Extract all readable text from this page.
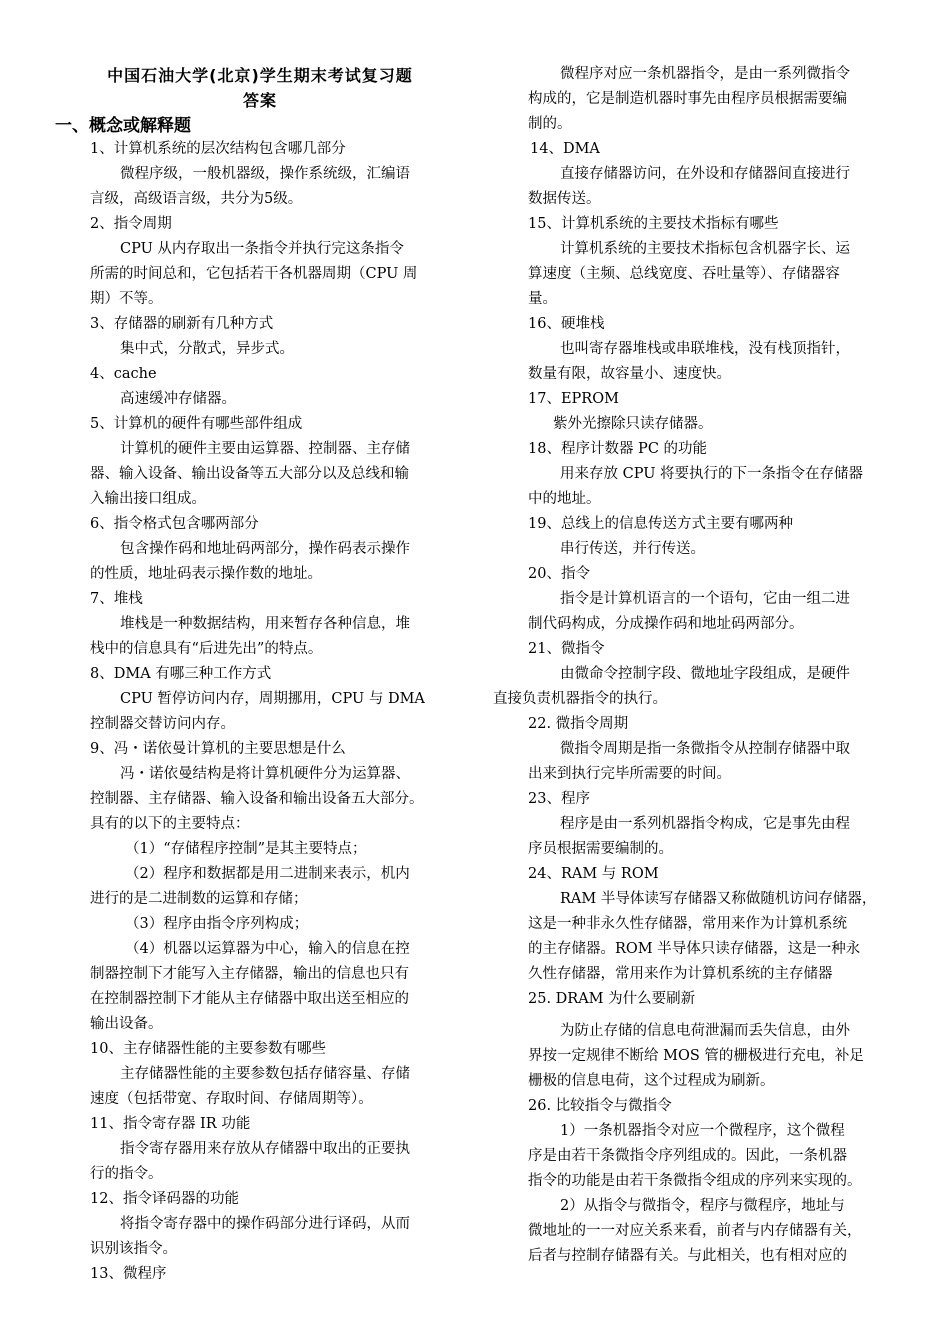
中国石油大学(北京)学生期末考试复习题
答案
一、概念或解释题
1、计算机系统的层次结构包含哪几部分
微程序级，一般机器级，操作系统级，汇编语
言级，高级语言级，共分为5级。
2、指令周期
CPU 从内存取出一条指令并执行完这条指令
所需的时间总和，它包括若干各机器周期（CPU 周
期）不等。
3、存储器的刷新有几种方式
集中式，分散式，异步式。
4、cache
高速缓冲存储器。
5、计算机的硬件有哪些部件组成
计算机的硬件主要由运算器、控制器、主存储
器、输入设备、输出设备等五大部分以及总线和输
入输出接口组成。
6、指令格式包含哪两部分
包含操作码和地址码两部分，操作码表示操作
的性质，地址码表示操作数的地址。
7、堆栈
堆栈是一种数据结构，用来暂存各种信息，堆
栈中的信息具有“后进先出”的特点。
8、DMA 有哪三种工作方式
CPU 暂停访问内存，周期挪用，CPU 与 DMA
控制器交替访问内存。
9、冯・诺依曼计算机的主要思想是什么
冯・诺依曼结构是将计算机硬件分为运算器、
控制器、主存储器、输入设备和输出设备五大部分。
具有的以下的主要特点：
（1）“存储程序控制”是其主要特点；
（2）程序和数据都是用二进制来表示，机内
进行的是二进制数的运算和存储；
（3）程序由指令序列构成；
（4）机器以运算器为中心，输入的信息在控
制器控制下才能写入主存储器，输出的信息也只有
在控制器控制下才能从主存储器中取出送至相应的
输出设备。
10、主存储器性能的主要参数有哪些
主存储器性能的主要参数包括存储容量、存储
速度（包括带宽、存取时间、存储周期等）。
11、指令寄存器 IR 功能
指令寄存器用来存放从存储器中取出的正要执
行的指令。
12、指令译码器的功能
将指令寄存器中的操作码部分进行译码，从而
识别该指令。
13、微程序
微程序对应一条机器指令，是由一系列微指令
构成的，它是制造机器时事先由程序员根据需要编
制的。
14、DMA
直接存储器访问，在外设和存储器间直接进行
数据传送。
15、计算机系统的主要技术指标有哪些
计算机系统的主要技术指标包含机器字长、运
算速度（主频、总线宽度、吞吐量等）、存储器容
量。
16、硬堆栈
也叫寄存器堆栈或串联堆栈，没有栈顶指针，
数量有限，故容量小、速度快。
17、EPROM
紫外光擦除只读存储器。
18、程序计数器 PC 的功能
用来存放 CPU 将要执行的下一条指令在存储器
中的地址。
19、总线上的信息传送方式主要有哪两种
串行传送，并行传送。
20、指令
指令是计算机语言的一个语句，它由一组二进
制代码构成，分成操作码和地址码两部分。
21、微指令
由微命令控制字段、微地址字段组成，是硬件
直接负责机器指令的执行。
22. 微指令周期
微指令周期是指一条微指令从控制存储器中取
出来到执行完毕所需要的时间。
23、程序
程序是由一系列机器指令构成，它是事先由程
序员根据需要编制的。
24、RAM 与 ROM
RAM 半导体读写存储器又称做随机访问存储器，
这是一种非永久性存储器，常用来作为计算机系统
的主存储器。ROM 半导体只读存储器，这是一种永
久性存储器，常用来作为计算机系统的主存储器
25. DRAM 为什么要刷新
为防止存储的信息电荷泄漏而丢失信息，由外
界按一定规律不断给 MOS 管的栅极进行充电，补足
栅极的信息电荷，这个过程成为刷新。
26. 比较指令与微指令
1）一条机器指令对应一个微程序，这个微程
序是由若干条微指令序列组成的。因此，一条机器
指令的功能是由若干条微指令组成的序列来实现的。
2）从指令与微指令，程序与微程序，地址与
微地址的一一对应关系来看，前者与内存储器有关，
后者与控制存储器有关。与此相关，也有相对应的
